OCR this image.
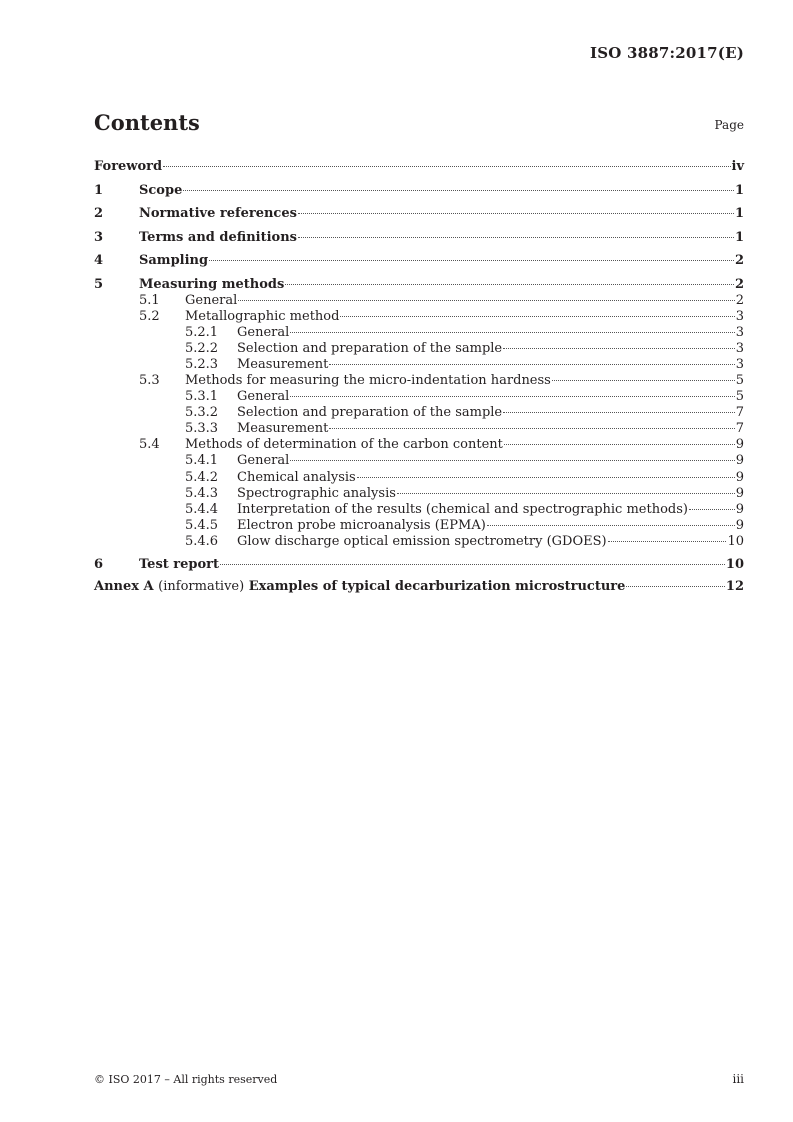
ISO 3887:2017(E)
Contents	Page
Foreword	iv
1	Scope	1
2	Normative references	1
3	Terms and definitions	1
4	Sampling	2
5	Measuring methods	2
5.1 General	2
5.2 Metallographic method	3
5.2.1 General	3
5.2.2 Selection and preparation of the sample	3
5.2.3 Measurement	3
5.3 Methods for measuring the micro-indentation hardness	5
5.3.1 General	5
5.3.2 Selection and preparation of the sample	7
5.3.3 Measurement	7
5.4 Methods of determination of the carbon content	9
5.4.1 General	9
5.4.2 Chemical analysis	9
5.4.3 Spectrographic analysis	9
5.4.4 Interpretation of the results (chemical and spectrographic methods)	9
5.4.5 Electron probe microanalysis (EPMA)	9
5.4.6 Glow discharge optical emission spectrometry (GDOES)	10
6	Test report	10
Annex A (informative) Examples of typical decarburization microstructure	12
© ISO 2017 – All rights reserved	iii
